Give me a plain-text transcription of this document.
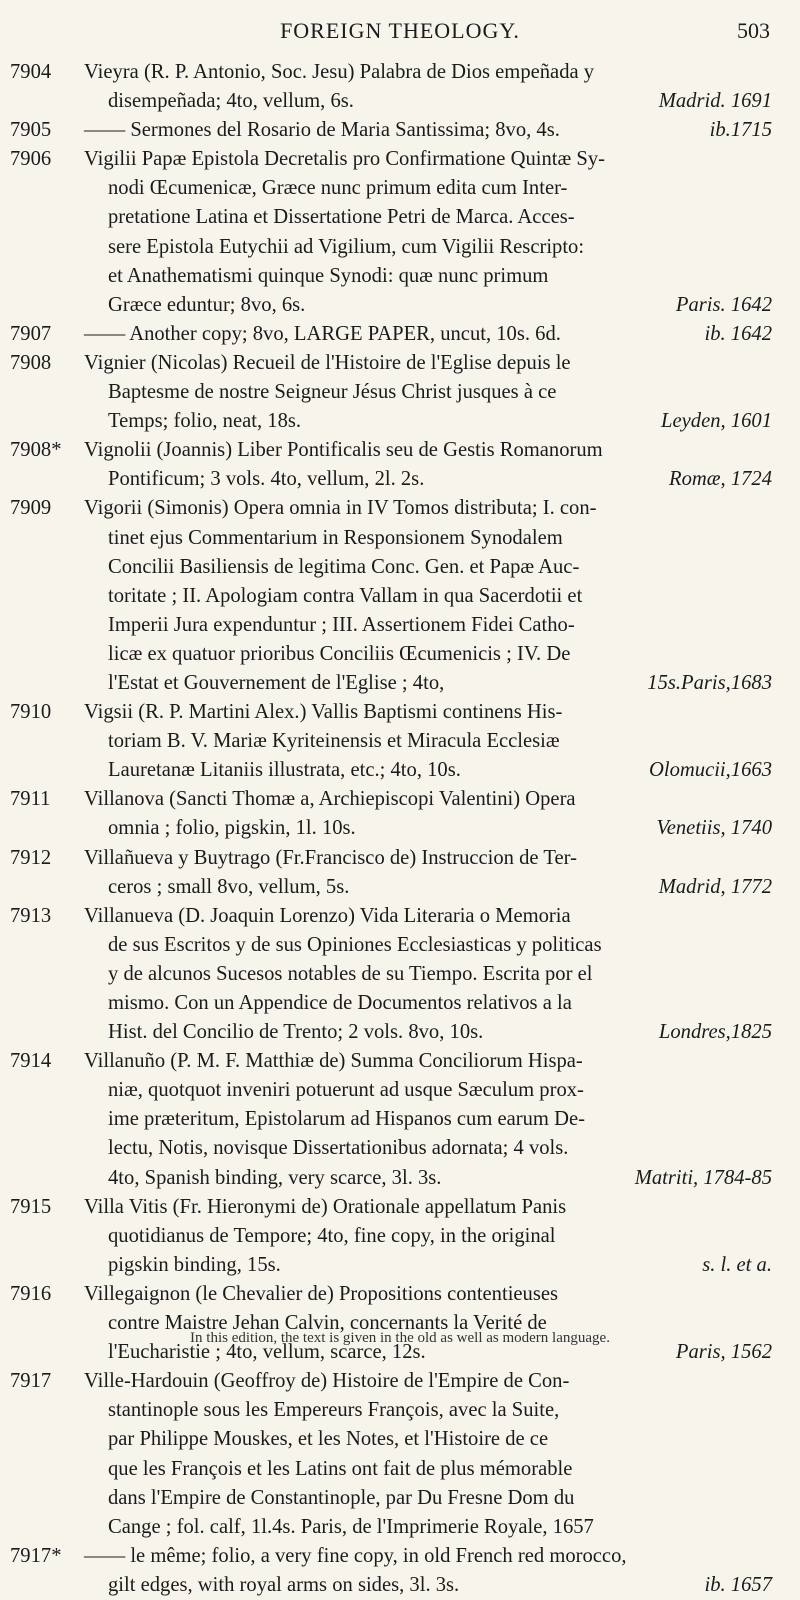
FOREIGN THEOLOGY.	503
7904 Vieyra (R. P. Antonio, Soc. Jesu) Palabra de Dios empeñada y
disempeñada; 4to, vellum, 6s.	Madrid. 1691
7905 —— Sermones del Rosario de Maria Santissima; 8vo, 4s.	ib.1715
7906 Vigilii Papæ Epistola Decretalis pro Confirmatione Quintæ Sy-
nodi Œcumenicæ, Græce nunc primum edita cum Inter-
pretatione Latina et Dissertatione Petri de Marca. Acces-
sere Epistola Eutychii ad Vigilium, cum Vigilii Rescripto:
et Anathematismi quinque Synodi: quæ nunc primum
Græce eduntur; 8vo, 6s.	Paris. 1642
7907 —— Another copy; 8vo, LARGE PAPER, uncut, 10s. 6d.	ib. 1642
7908 Vignier (Nicolas) Recueil de l'Histoire de l'Eglise depuis le
Baptesme de nostre Seigneur Jésus Christ jusques à ce
Temps; folio, neat, 18s.	Leyden, 1601
7908* Vignolii (Joannis) Liber Pontificalis seu de Gestis Romanorum
Pontificum; 3 vols. 4to, vellum, 2l. 2s.	Romæ, 1724
7909 Vigorii (Simonis) Opera omnia in IV Tomos distributa; I. con-
tinet ejus Commentarium in Responsionem Synodalem
Concilii Basiliensis de legitima Conc. Gen. et Papæ Auc-
toritate ; II. Apologiam contra Vallam in qua Sacerdotii et
Imperii Jura expenduntur ; III. Assertionem Fidei Catho-
licæ ex quatuor prioribus Conciliis Œcumenicis ; IV. De
l'Estat et Gouvernement de l'Eglise ; 4to,	15s.Paris,1683
7910 Vigsii (R. P. Martini Alex.) Vallis Baptismi continens His-
toriam B. V. Mariæ Kyriteinensis et Miracula Ecclesiæ
Lauretanæ Litaniis illustrata, etc.; 4to, 10s.	Olomucii,1663
7911 Villanova (Sancti Thomæ a, Archiepiscopi Valentini) Opera
omnia ; folio, pigskin, 1l. 10s.	Venetiis, 1740
7912 Villañueva y Buytrago (Fr.Francisco de) Instruccion de Ter-
ceros ; small 8vo, vellum, 5s.	Madrid, 1772
7913 Villanueva (D. Joaquin Lorenzo) Vida Literaria o Memoria
de sus Escritos y de sus Opiniones Ecclesiasticas y politicas
y de alcunos Sucesos notables de su Tiempo. Escrita por el
mismo. Con un Appendice de Documentos relativos a la
Hist. del Concilio de Trento; 2 vols. 8vo, 10s.	Londres,1825
7914 Villanuño (P. M. F. Matthiæ de) Summa Conciliorum Hispa-
niæ, quotquot inveniri potuerunt ad usque Sæculum prox-
ime præteritum, Epistolarum ad Hispanos cum earum De-
lectu, Notis, novisque Dissertationibus adornata; 4 vols.
4to, Spanish binding, very scarce, 3l. 3s.	Matriti, 1784-85
7915 Villa Vitis (Fr. Hieronymi de) Orationale appellatum Panis
quotidianus de Tempore; 4to, fine copy, in the original
pigskin binding, 15s.	s. l. et a.
7916 Villegaignon (le Chevalier de) Propositions contentieuses
contre Maistre Jehan Calvin, concernants la Verité de
l'Eucharistie ; 4to, vellum, scarce, 12s.	Paris, 1562
7917 Ville-Hardouin (Geoffroy de) Histoire de l'Empire de Con-
stantinople sous les Empereurs François, avec la Suite,
par Philippe Mouskes, et les Notes, et l'Histoire de ce
que les François et les Latins ont fait de plus mémorable
dans l'Empire de Constantinople, par Du Fresne Dom du
Cange ; fol. calf, 1l.4s. Paris, de l'Imprimerie Royale, 1657
7917* —— le même; folio, a very fine copy, in old French red morocco,
gilt edges, with royal arms on sides, 3l. 3s.	ib. 1657
In this edition, the text is given in the old as well as modern language.
